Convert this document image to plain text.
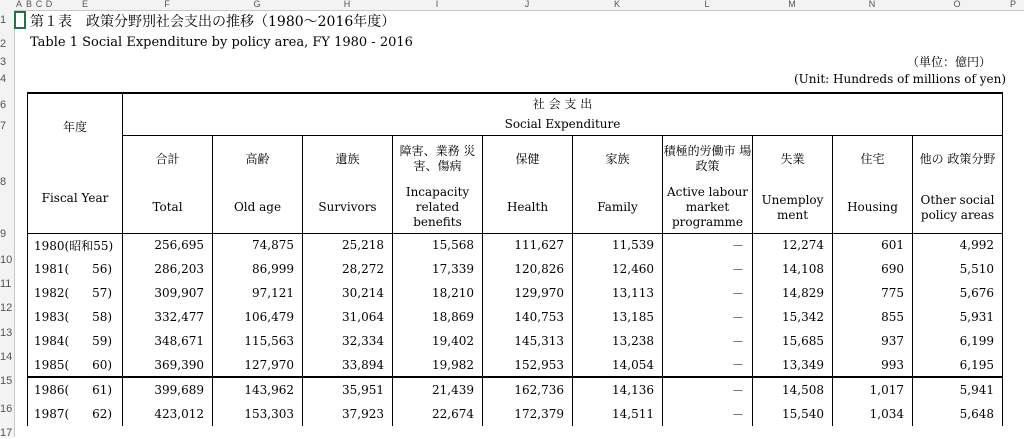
A B C D	E	F	G	H	I	J	K	L	M	N	O	P
1
2
3
4
6
7
8
9
10
11
12
13
14
15
16
17
第１表　政策分野別社会支出の推移（1980～2016年度）
Table 1 Social Expenditure by policy area, FY 1980 - 2016
（単位：億円）
(Unit: Hundreds of millions of yen)
年度
Fiscal Year	社 会 支 出									
	Social Expenditure									
	合計	高齢	遺族	障害、業務 災害、傷病	保健	家族	積極的労働市 場政策	失業	住宅	他の 政策分野
	Total	Old age	Survivors	Incapacity related benefits	Health	Family	Active labour market programme	Unemploy ment	Housing	Other social policy areas
1980(昭和55)	256,695	74,875	25,218	15,568	111,627	11,539	－	12,274	601	4,992
1981(      56)	286,203	86,999	28,272	17,339	120,826	12,460	－	14,108	690	5,510
1982(      57)	309,907	97,121	30,214	18,210	129,970	13,113	－	14,829	775	5,676
1983(      58)	332,477	106,479	31,064	18,869	140,753	13,185	－	15,342	855	5,931
1984(      59)	348,671	115,563	32,334	19,402	145,313	13,238	－	15,685	937	6,199
1985(      60)	369,390	127,970	33,894	19,982	152,953	14,054	－	13,349	993	6,195
1986(      61)	399,689	143,962	35,951	21,439	162,736	14,136	－	14,508	1,017	5,941
1987(      62)	423,012	153,303	37,923	22,674	172,379	14,511	－	15,540	1,034	5,648
